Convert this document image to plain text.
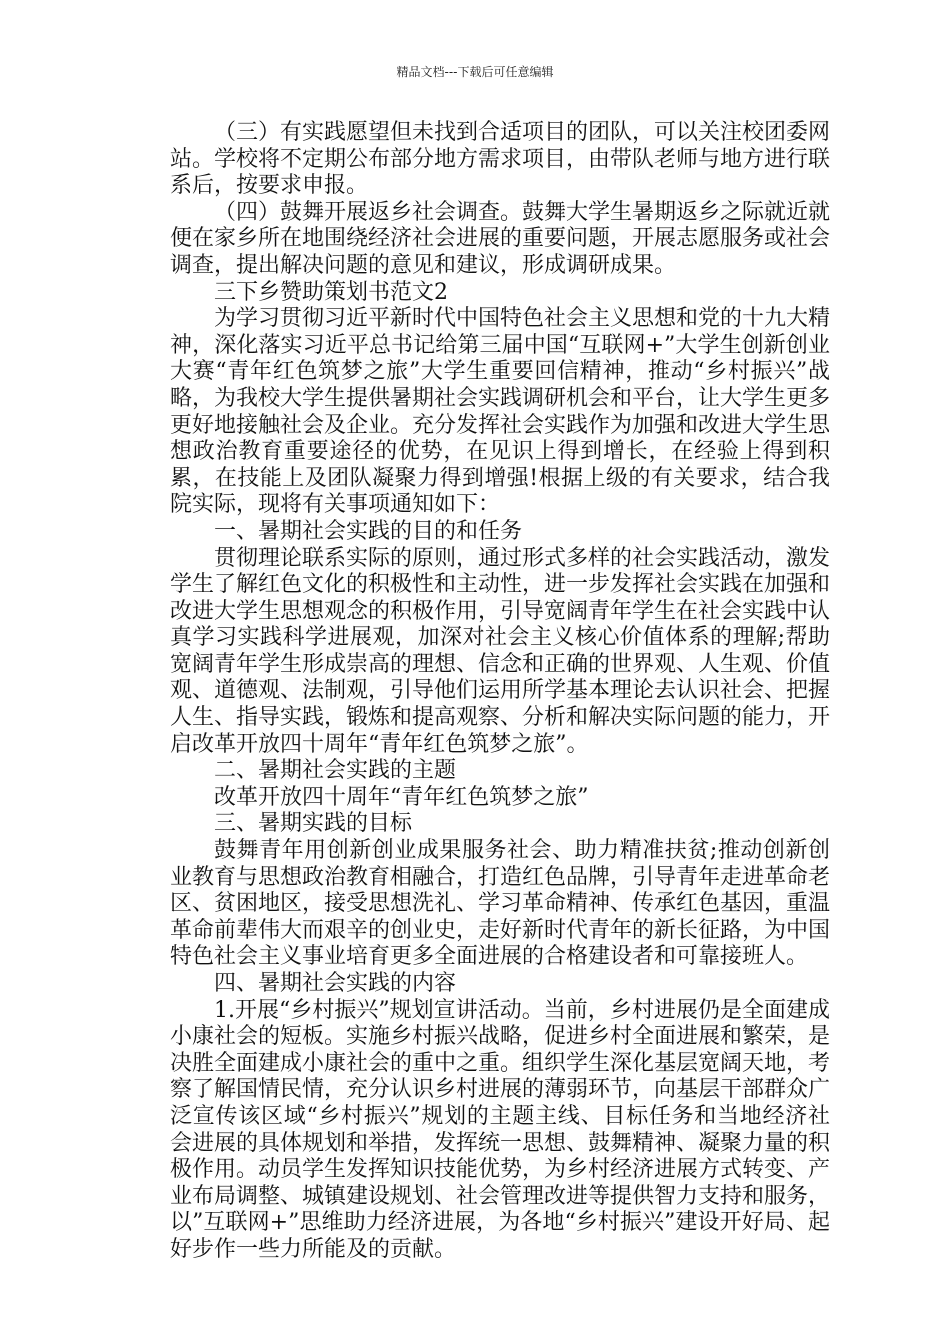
精品文档---下载后可任意编辑

（三）有实践愿望但未找到合适项目的团队，可以关注校团委网站。学校将不定期公布部分地方需求项目，由带队老师与地方进行联系后，按要求申报。

（四）鼓舞开展返乡社会调查。鼓舞大学生暑期返乡之际就近就便在家乡所在地围绕经济社会进展的重要问题，开展志愿服务或社会调查，提出解决问题的意见和建议，形成调研成果。

三下乡赞助策划书范文2

为学习贯彻习近平新时代中国特色社会主义思想和党的十九大精神，深化落实习近平总书记给第三届中国“互联网+”大学生创新创业大赛“青年红色筑梦之旅”大学生重要回信精神，推动“乡村振兴”战略，为我校大学生提供暑期社会实践调研机会和平台，让大学生更多更好地接触社会及企业。充分发挥社会实践作为加强和改进大学生思想政治教育重要途径的优势，在见识上得到增长，在经验上得到积累，在技能上及团队凝聚力得到增强!根据上级的有关要求，结合我院实际，现将有关事项通知如下：

一、暑期社会实践的目的和任务

贯彻理论联系实际的原则，通过形式多样的社会实践活动，激发学生了解红色文化的积极性和主动性，进一步发挥社会实践在加强和改进大学生思想观念的积极作用，引导宽阔青年学生在社会实践中认真学习实践科学进展观，加深对社会主义核心价值体系的理解;帮助宽阔青年学生形成崇高的理想、信念和正确的世界观、人生观、价值观、道德观、法制观，引导他们运用所学基本理论去认识社会、把握人生、指导实践，锻炼和提高观察、分析和解决实际问题的能力，开启改革开放四十周年“青年红色筑梦之旅”。

二、暑期社会实践的主题

改革开放四十周年“青年红色筑梦之旅”

三、暑期实践的目标

鼓舞青年用创新创业成果服务社会、助力精准扶贫;推动创新创业教育与思想政治教育相融合，打造红色品牌，引导青年走进革命老区、贫困地区，接受思想洗礼、学习革命精神、传承红色基因，重温革命前辈伟大而艰辛的创业史，走好新时代青年的新长征路，为中国特色社会主义事业培育更多全面进展的合格建设者和可靠接班人。

四、暑期社会实践的内容

1.开展“乡村振兴”规划宣讲活动。当前，乡村进展仍是全面建成小康社会的短板。实施乡村振兴战略，促进乡村全面进展和繁荣，是决胜全面建成小康社会的重中之重。组织学生深化基层宽阔天地，考察了解国情民情，充分认识乡村进展的薄弱环节，向基层干部群众广泛宣传该区域“乡村振兴”规划的主题主线、目标任务和当地经济社会进展的具体规划和举措，发挥统一思想、鼓舞精神、凝聚力量的积极作用。动员学生发挥知识技能优势，为乡村经济进展方式转变、产业布局调整、城镇建设规划、社会管理改进等提供智力支持和服务，以”互联网+”思维助力经济进展，为各地“乡村振兴”建设开好局、起好步作一些力所能及的贡献。
